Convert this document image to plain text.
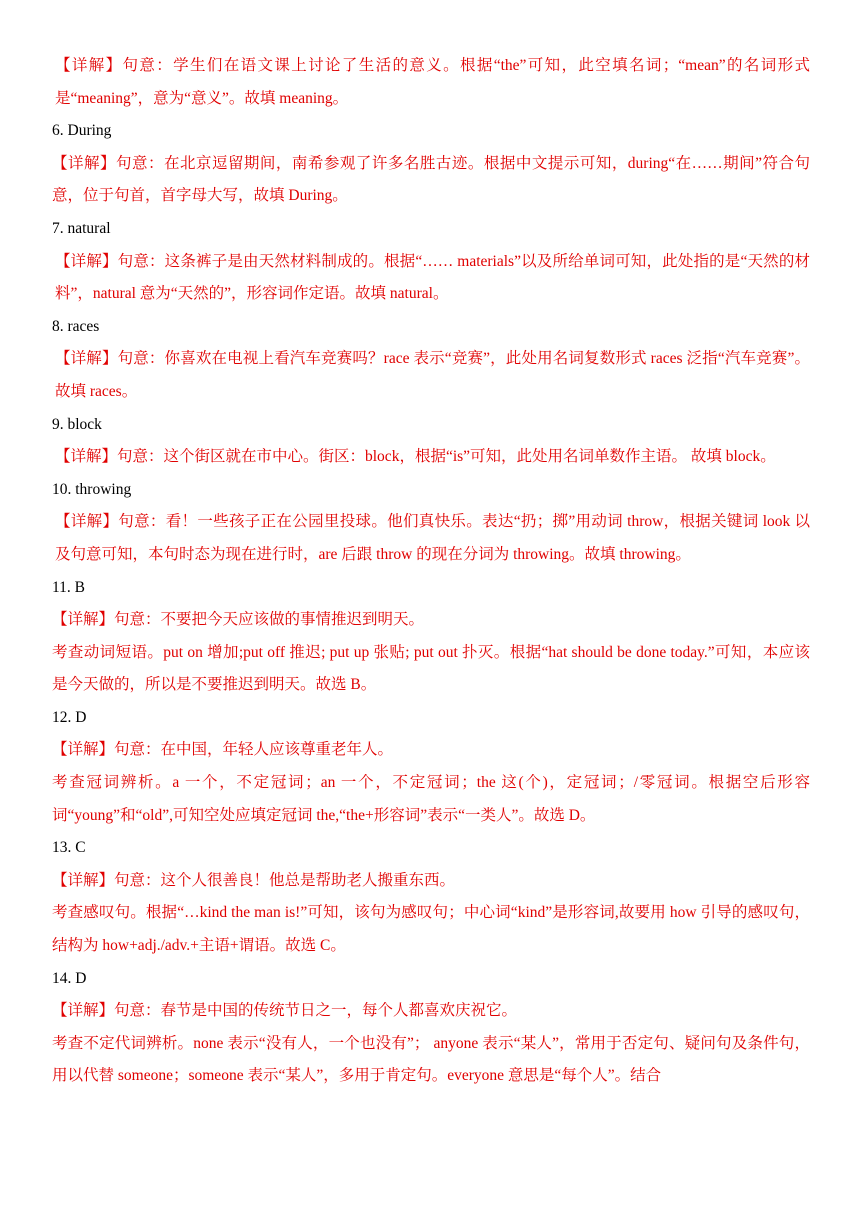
【详解】句意：学生们在语文课上讨论了生活的意义。根据“the”可知，此空填名词；“mean”的名词形式是“meaning”，意为“意义”。故填 meaning。

6. During

【详解】句意：在北京逗留期间，南希参观了许多名胜古迹。根据中文提示可知，during“在……期间”符合句意，位于句首，首字母大写，故填 During。

7. natural

【详解】句意：这条裤子是由天然材料制成的。根据“…… materials”以及所给单词可知，此处指的是“天然的材料”，natural 意为“天然的”，形容词作定语。故填 natural。

8. races

【详解】句意：你喜欢在电视上看汽车竞赛吗？race 表示“竞赛”，此处用名词复数形式 races 泛指“汽车竞赛”。故填 races。

9. block

【详解】句意：这个街区就在市中心。街区：block，根据“is”可知，此处用名词单数作主语。 故填 block。

10. throwing

【详解】句意：看！一些孩子正在公园里投球。他们真快乐。表达“扔；掷”用动词 throw，根据关键词 look 以及句意可知，本句时态为现在进行时，are 后跟 throw 的现在分词为 throwing。故填 throwing。

11. B

【详解】句意：不要把今天应该做的事情推迟到明天。

考查动词短语。put on 增加;put off 推迟; put up 张贴; put out 扑灭。根据“hat should be done today.”可知，本应该是今天做的，所以是不要推迟到明天。故选 B。

12. D

【详解】句意：在中国，年轻人应该尊重老年人。

考查冠词辨析。a 一个，不定冠词；an 一个，不定冠词；the 这(个)，定冠词；/零冠词。根据空后形容词“young”和“old”,可知空处应填定冠词 the,“the+形容词”表示“一类人”。故选 D。

13. C

【详解】句意：这个人很善良！他总是帮助老人搬重东西。

考查感叹句。根据“…kind the man is!”可知，该句为感叹句；中心词“kind”是形容词,故要用 how 引导的感叹句，结构为 how+adj./adv.+主语+谓语。故选 C。

14. D

【详解】句意：春节是中国的传统节日之一，每个人都喜欢庆祝它。

考查不定代词辨析。none 表示“没有人，一个也没有”； anyone 表示“某人”，常用于否定句、疑问句及条件句，用以代替 someone；someone 表示“某人”，多用于肯定句。everyone 意思是“每个人”。结合
